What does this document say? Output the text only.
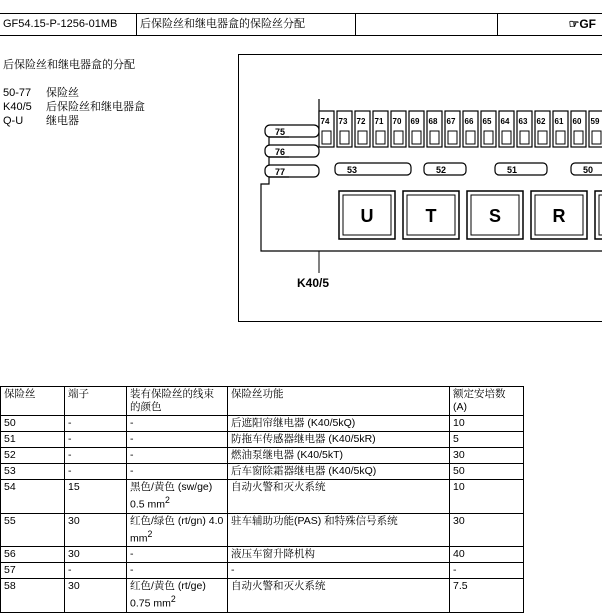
GF54.15-P-1256-01MB	后保险丝和继电器盒的保险丝分配	☞GF
后保险丝和继电器盒的分配
50-77	保险丝
K40/5	后保险丝和继电器盒
Q-U	继电器
K40/5
75
76
77
74 73 72 71 70 69 68 67 66 65 64 63 62 61 60 59
53	52	51	50
U	T	S	R
保险丝	端子	装有保险丝的线束的颜色	保险丝功能	额定安培数 (A)
50	-	-	后遮阳帘继电器 (K40/5kQ)	10
51	-	-	防拖车传感器继电器 (K40/5kR)	5
52	-	-	燃油泵继电器 (K40/5kT)	30
53	-	-	后车窗除霜器继电器 (K40/5kQ)	50
54	15	黑色/黄色 (sw/ge) 0.5 $mm^2$	自动火警和灭火系统	10
55	30	红色/绿色 (rt/gn) 4.0 $mm^2$	驻车辅助功能(PAS) 和特殊信号系统	30
56	30	-	液压车窗升降机构	40
57	-	-	-	-
58	30	红色/黄色 (rt/ge) 0.75 $mm^2$	自动火警和灭火系统	7.5
